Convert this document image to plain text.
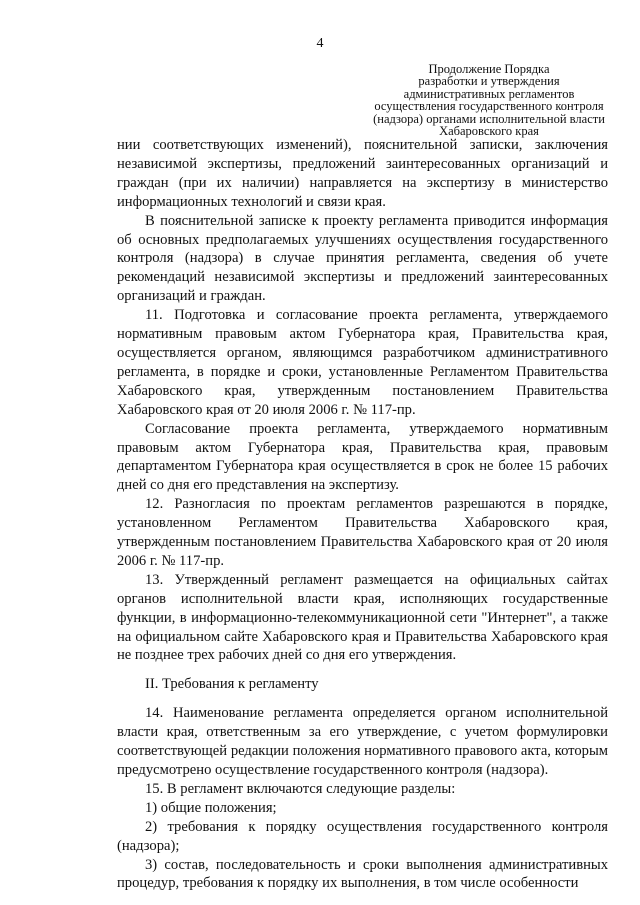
4
Продолжение Порядка
разработки и утверждения
административных регламентов
осуществления государственного контроля
(надзора) органами исполнительной власти
Хабаровского края

нии соответствующих изменений), пояснительной записки, заключения независимой экспертизы, предложений заинтересованных организаций и граждан (при их наличии) направляется на экспертизу в министерство информационных технологий и связи края.

В пояснительной записке к проекту регламента приводится информация об основных предполагаемых улучшениях осуществления государственного контроля (надзора) в случае принятия регламента, сведения об учете рекомендаций независимой экспертизы и предложений заинтересованных организаций и граждан.

11. Подготовка и согласование проекта регламента, утверждаемого нормативным правовым актом Губернатора края, Правительства края, осуществляется органом, являющимся разработчиком административного регламента, в порядке и сроки, установленные Регламентом Правительства Хабаровского края, утвержденным постановлением Правительства Хабаровского края от 20 июля 2006 г. № 117-пр.

Согласование проекта регламента, утверждаемого нормативным правовым актом Губернатора края, Правительства края, правовым департаментом Губернатора края осуществляется в срок не более 15 рабочих дней со дня его представления на экспертизу.

12. Разногласия по проектам регламентов разрешаются в порядке, установленном Регламентом Правительства Хабаровского края, утвержденным постановлением Правительства Хабаровского края от 20 июля 2006 г. № 117-пр.

13. Утвержденный регламент размещается на официальных сайтах органов исполнительной власти края, исполняющих государственные функции, в информационно-телекоммуникационной сети "Интернет", а также на официальном сайте Хабаровского края и Правительства Хабаровского края не позднее трех рабочих дней со дня его утверждения.

II. Требования к регламенту

14. Наименование регламента определяется органом исполнительной власти края, ответственным за его утверждение, с учетом формулировки соответствующей редакции положения нормативного правового акта, которым предусмотрено осуществление государственного контроля (надзора).

15. В регламент включаются следующие разделы:

1) общие положения;

2) требования к порядку осуществления государственного контроля (надзора);

3) состав, последовательность и сроки выполнения административных процедур, требования к порядку их выполнения, в том числе особенности
